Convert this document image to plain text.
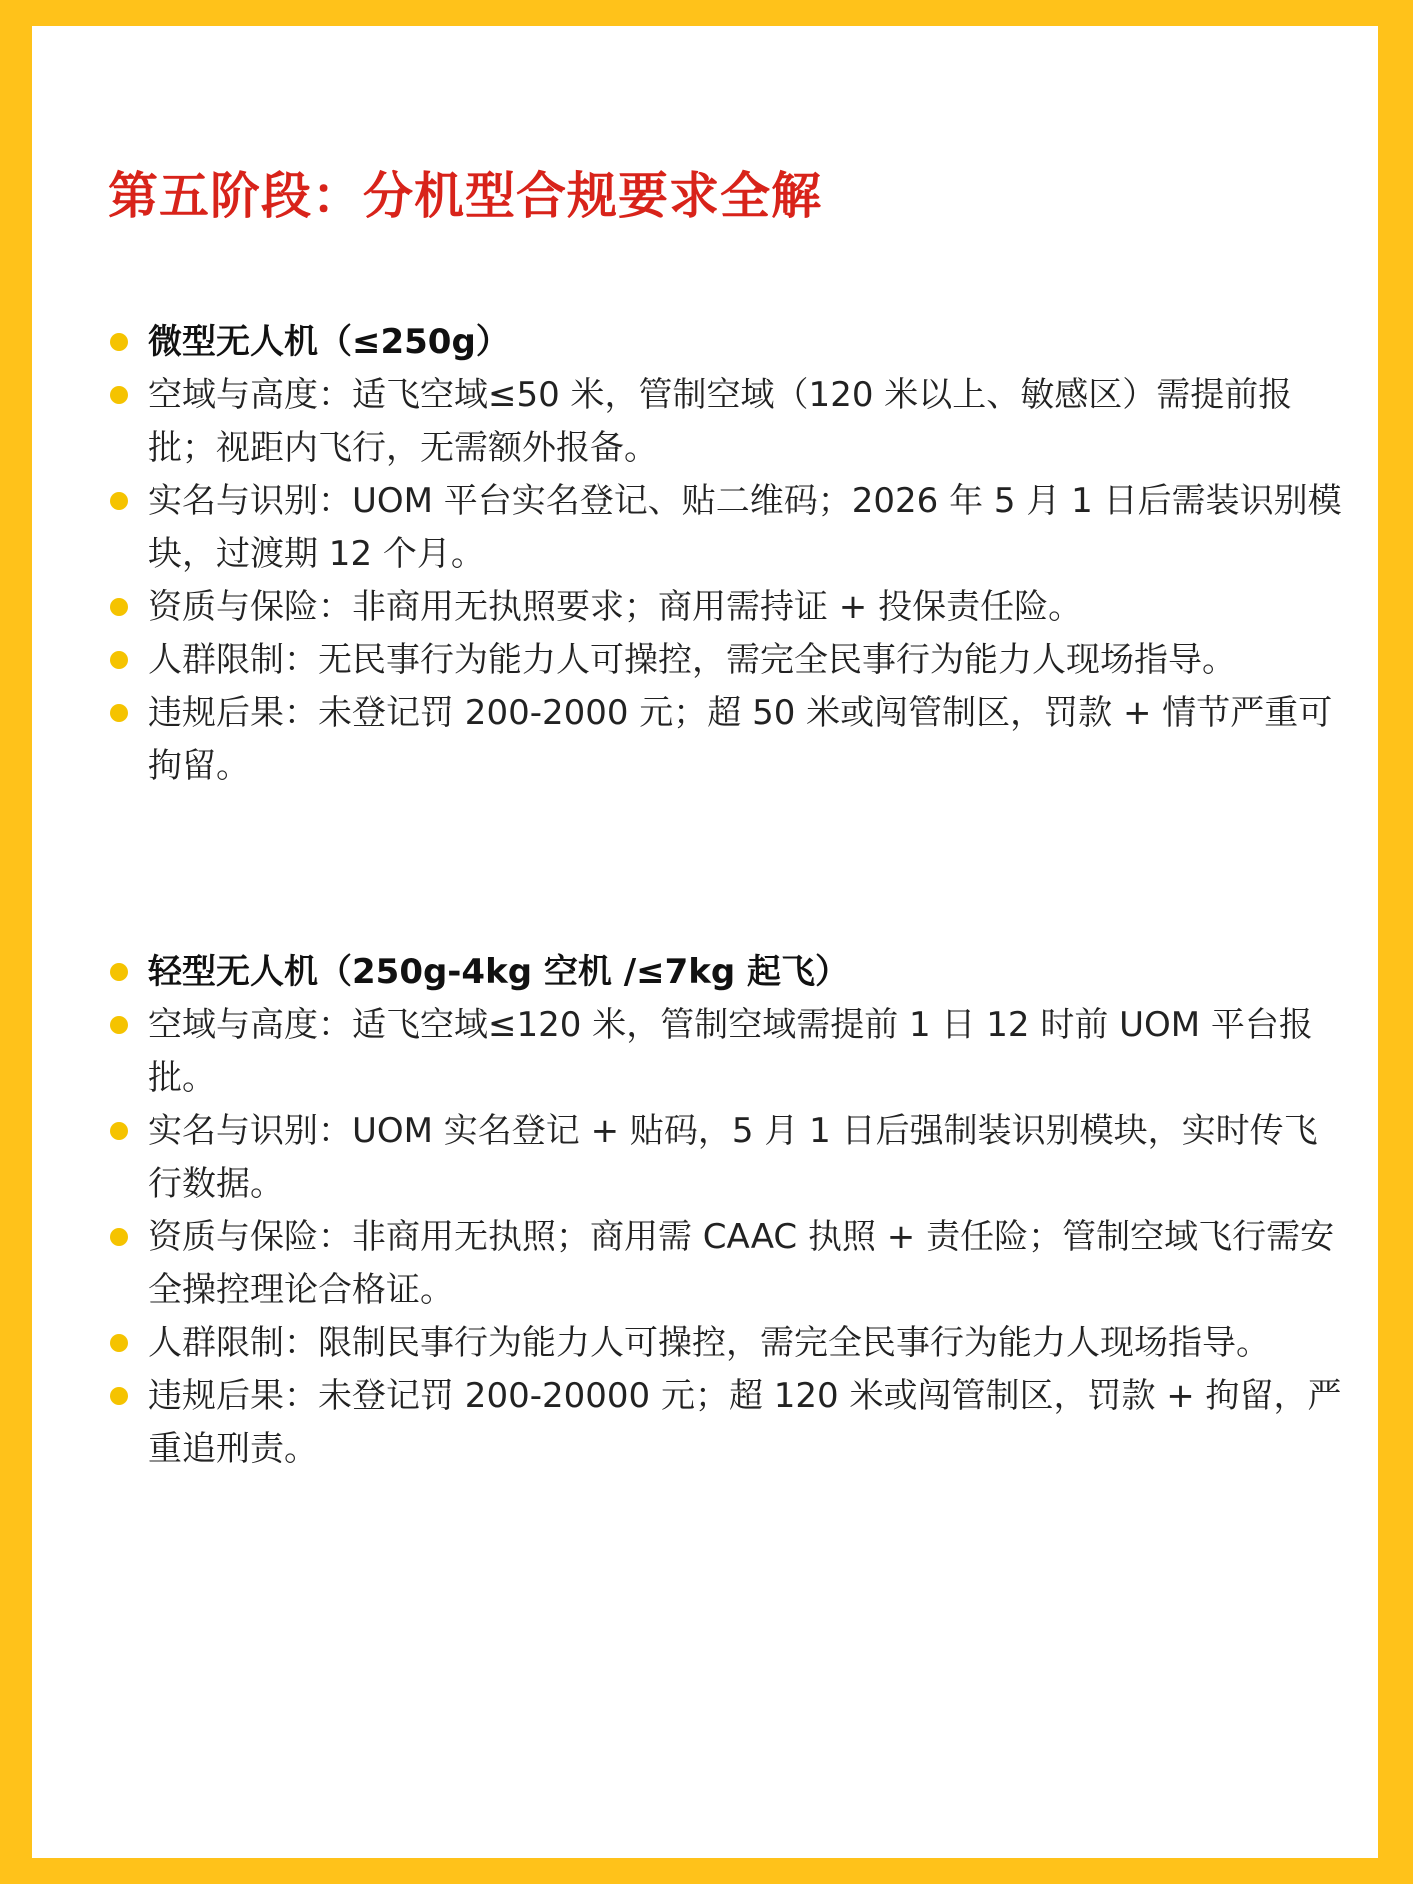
第五阶段：分机型合规要求全解
微型无人机（≤250g）
空域与高度：适飞空域≤50 米，管制空域（120 米以上、敏感区）需提前报批；视距内飞行，无需额外报备。
实名与识别：UOM 平台实名登记、贴二维码；2026 年 5 月 1 日后需装识别模块，过渡期 12 个月。
资质与保险：非商用无执照要求；商用需持证 + 投保责任险。
人群限制：无民事行为能力人可操控，需完全民事行为能力人现场指导。
违规后果：未登记罚 200-2000 元；超 50 米或闯管制区，罚款 + 情节严重可拘留。
轻型无人机（250g-4kg 空机 /≤7kg 起飞）
空域与高度：适飞空域≤120 米，管制空域需提前 1 日 12 时前 UOM 平台报批。
实名与识别：UOM 实名登记 + 贴码，5 月 1 日后强制装识别模块，实时传飞行数据。
资质与保险：非商用无执照；商用需 CAAC 执照 + 责任险；管制空域飞行需安全操控理论合格证。
人群限制：限制民事行为能力人可操控，需完全民事行为能力人现场指导。
违规后果：未登记罚 200-20000 元；超 120 米或闯管制区，罚款 + 拘留，严重追刑责。
